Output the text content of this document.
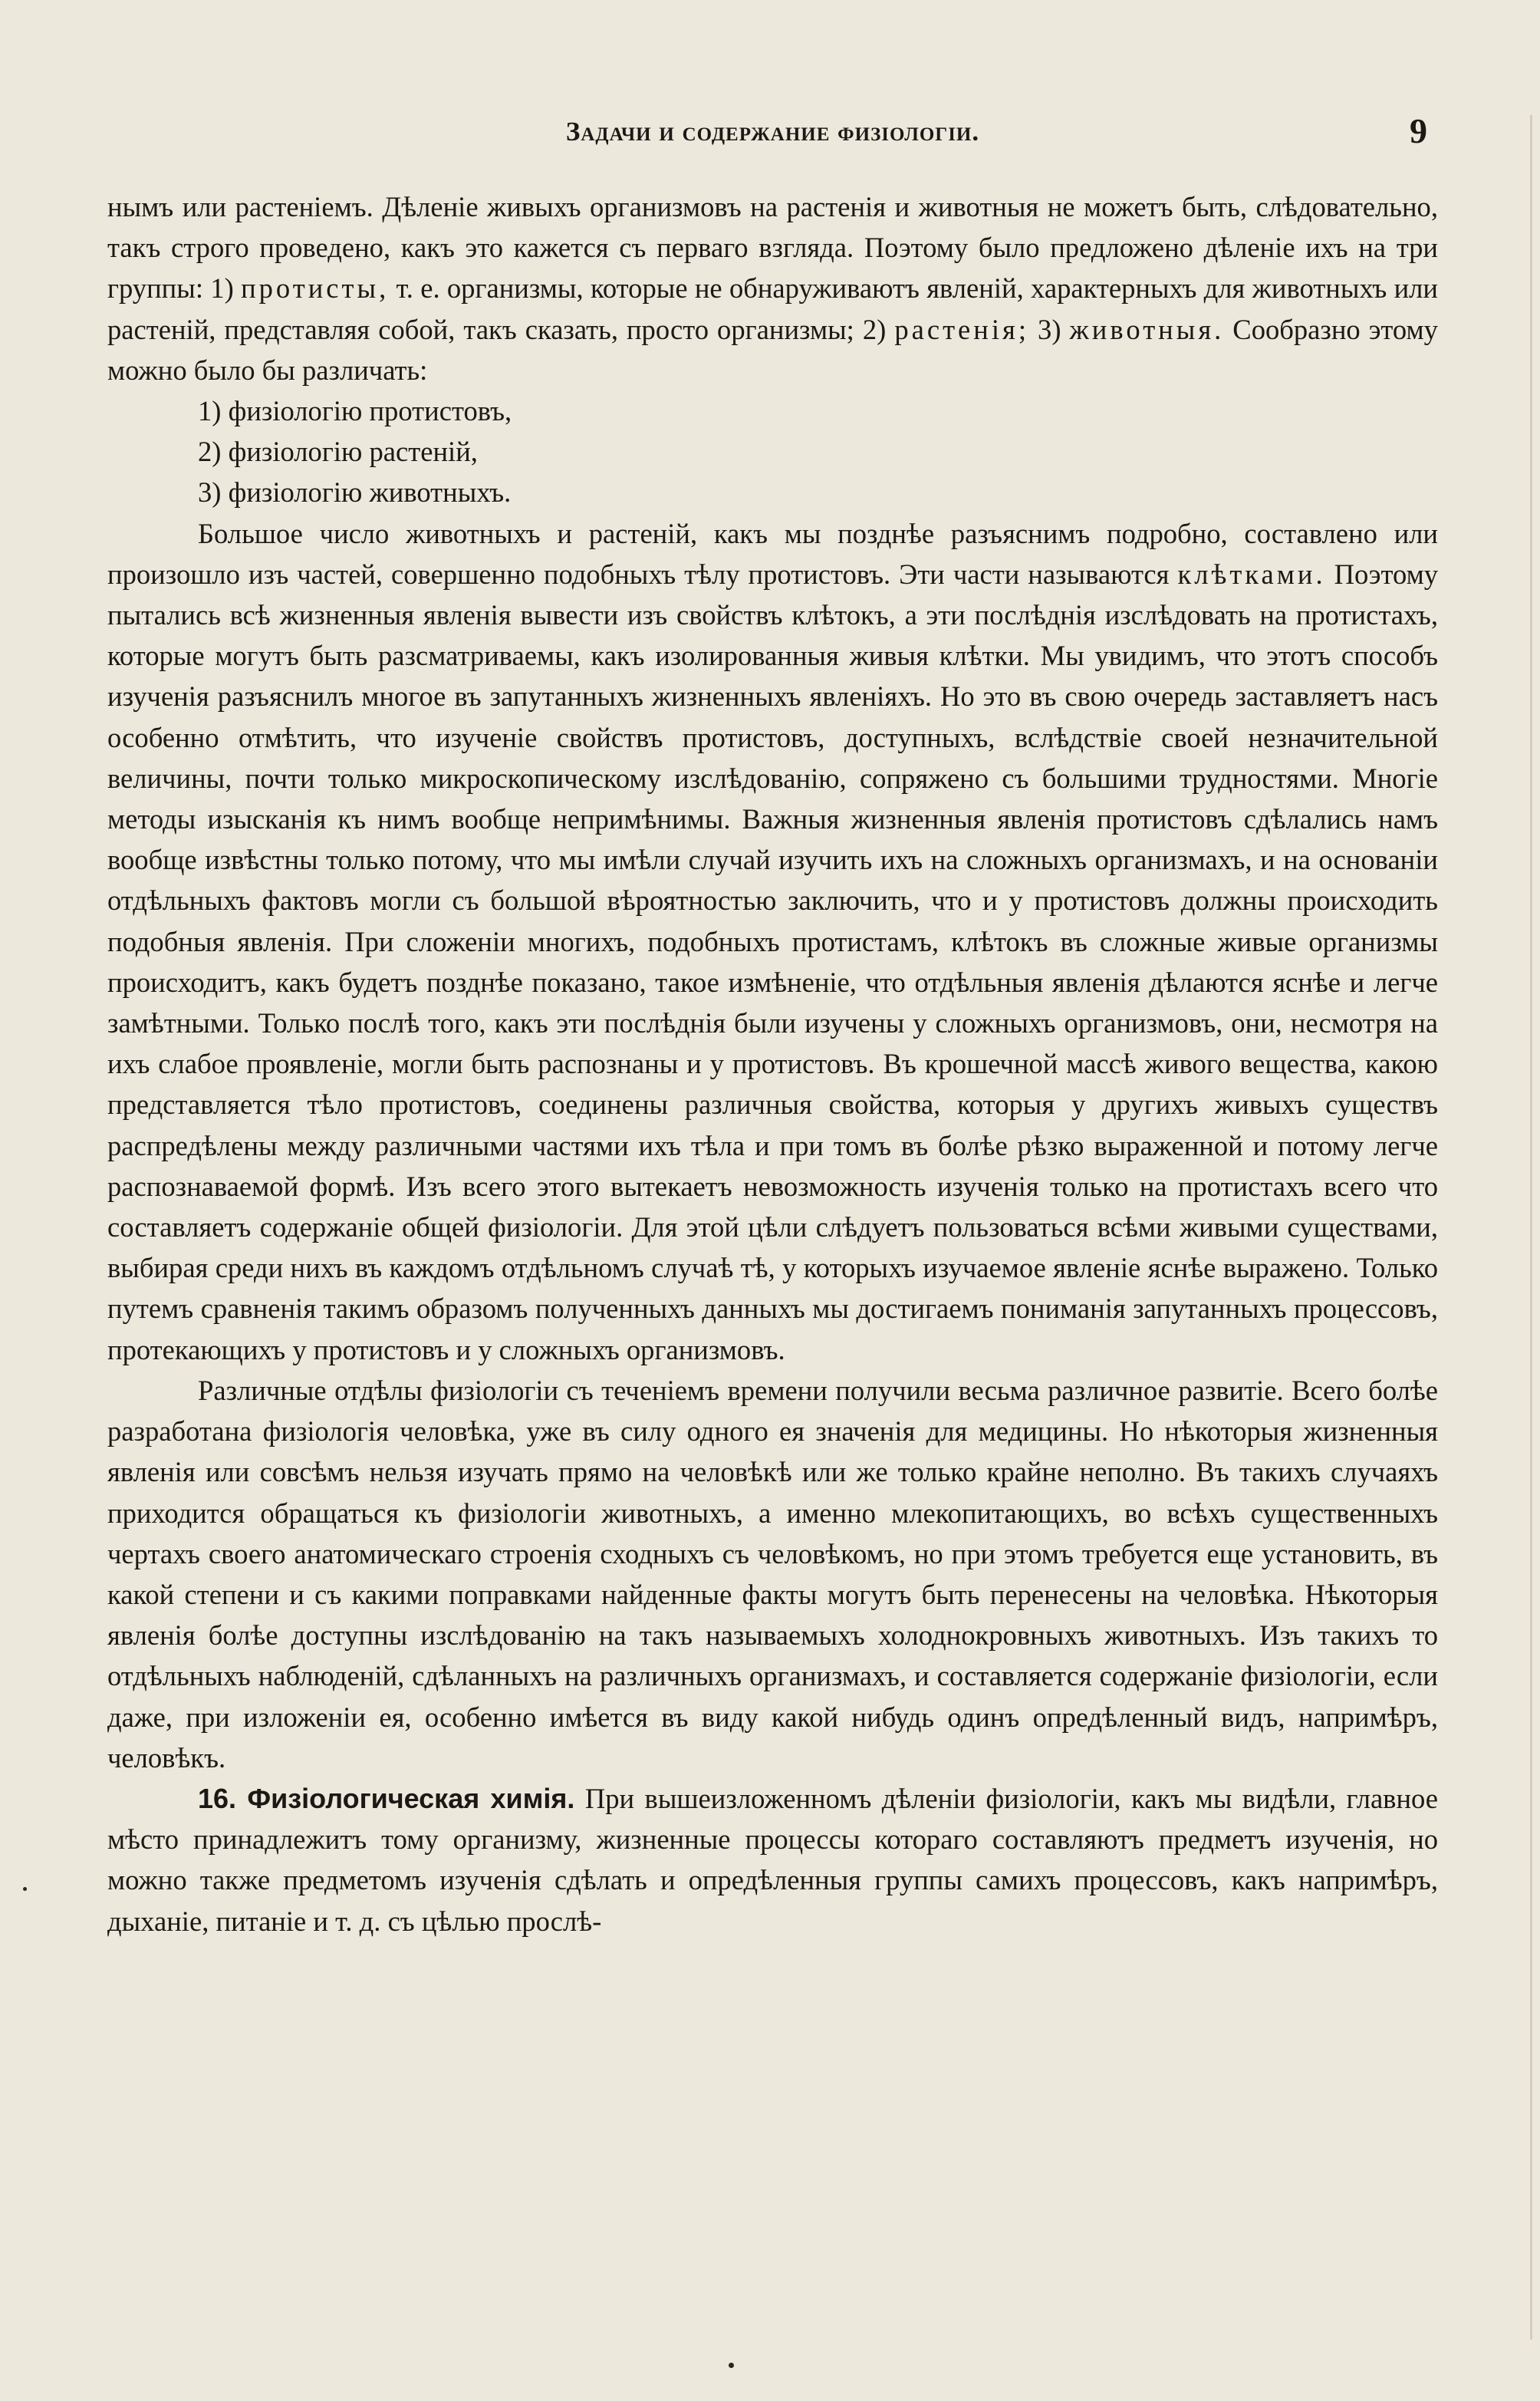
Задачи и содержание физiологiи.	9

нымъ или растенiемъ. Дѣленiе живыхъ организмовъ на растенiя и животныя не можетъ быть, слѣдовательно, такъ строго проведено, какъ это кажется съ перваго взгляда. Поэтому было предложено дѣленiе ихъ на три группы: 1) протисты, т. е. организмы, которые не обнаруживаютъ явленiй, характерныхъ для животныхъ или растенiй, представляя собой, такъ сказать, просто организмы; 2) растенiя; 3) животныя. Сообразно этому можно было бы различать:

1) физiологiю протистовъ,

2) физiологiю растенiй,

3) физiологiю животныхъ.

Большое число животныхъ и растенiй, какъ мы позднѣе разъяснимъ подробно, составлено или произошло изъ частей, совершенно подобныхъ тѣлу протистовъ. Эти части называются клѣтками. Поэтому пытались всѣ жизненныя явленiя вывести изъ свойствъ клѣтокъ, а эти послѣднiя изслѣдовать на протистахъ, которые могутъ быть разсматриваемы, какъ изолированныя живыя клѣтки. Мы увидимъ, что этотъ способъ изученiя разъяснилъ многое въ запутанныхъ жизненныхъ явленiяхъ. Но это въ свою очередь заставляетъ насъ особенно отмѣтить, что изученiе свойствъ протистовъ, доступныхъ, вслѣдствiе своей незначительной величины, почти только микроскопическому изслѣдованiю, сопряжено съ большими трудностями. Многiе методы изысканiя къ нимъ вообще непримѣнимы. Важныя жизненныя явленiя протистовъ сдѣлались намъ вообще извѣстны только потому, что мы имѣли случай изучить ихъ на сложныхъ организмахъ, и на основанiи отдѣльныхъ фактовъ могли съ большой вѣроятностью заключить, что и у протистовъ должны происходить подобныя явленiя. При сложенiи многихъ, подобныхъ протистамъ, клѣтокъ въ сложные живые организмы происходитъ, какъ будетъ позднѣе показано, такое измѣненiе, что отдѣльныя явленiя дѣлаются яснѣе и легче замѣтными. Только послѣ того, какъ эти послѣднiя были изучены у сложныхъ организмовъ, они, несмотря на ихъ слабое проявленiе, могли быть распознаны и у протистовъ. Въ крошечной массѣ живого вещества, какою представляется тѣло протистовъ, соединены различныя свойства, которыя у другихъ живыхъ существъ распредѣлены между различными частями ихъ тѣла и при томъ въ болѣе рѣзко выраженной и потому легче распознаваемой формѣ. Изъ всего этого вытекаетъ невозможность изученiя только на протистахъ всего что составляетъ содержанiе общей физiологiи. Для этой цѣли слѣдуетъ пользоваться всѣми живыми существами, выбирая среди нихъ въ каждомъ отдѣльномъ случаѣ тѣ, у которыхъ изучаемое явленiе яснѣе выражено. Только путемъ сравненiя такимъ образомъ полученныхъ данныхъ мы достигаемъ пониманiя запутанныхъ процессовъ, протекающихъ у протистовъ и у сложныхъ организмовъ.

Различные отдѣлы физiологiи съ теченiемъ времени получили весьма различное развитiе. Всего болѣе разработана физiологiя человѣка, уже въ силу одного ея значенiя для медицины. Но нѣкоторыя жизненныя явленiя или совсѣмъ нельзя изучать прямо на человѣкѣ или же только крайне неполно. Въ такихъ случаяхъ приходится обращаться къ физiологiи животныхъ, а именно млекопитающихъ, во всѣхъ существенныхъ чертахъ своего анатомическаго строенiя сходныхъ съ человѣкомъ, но при этомъ требуется еще установить, въ какой степени и съ какими поправками найденные факты могутъ быть перенесены на человѣка. Нѣкоторыя явленiя болѣе доступны изслѣдованiю на такъ называемыхъ холоднокровныхъ животныхъ. Изъ такихъ то отдѣльныхъ наблюденiй, сдѣланныхъ на различныхъ организмахъ, и составляется содержанiе физiологiи, если даже, при изложенiи ея, особенно имѣется въ виду какой нибудь одинъ опредѣленный видъ, напримѣръ, человѣкъ.

16. Физiологическая химiя. При вышеизложенномъ дѣленiи физiологiи, какъ мы видѣли, главное мѣсто принадлежитъ тому организму, жизненные процессы котораго составляютъ предметъ изученiя, но можно также предметомъ изученiя сдѣлать и опредѣленныя группы самихъ процессовъ, какъ напримѣръ, дыханiе, питанiе и т. д. съ цѣлью прослѣ-
